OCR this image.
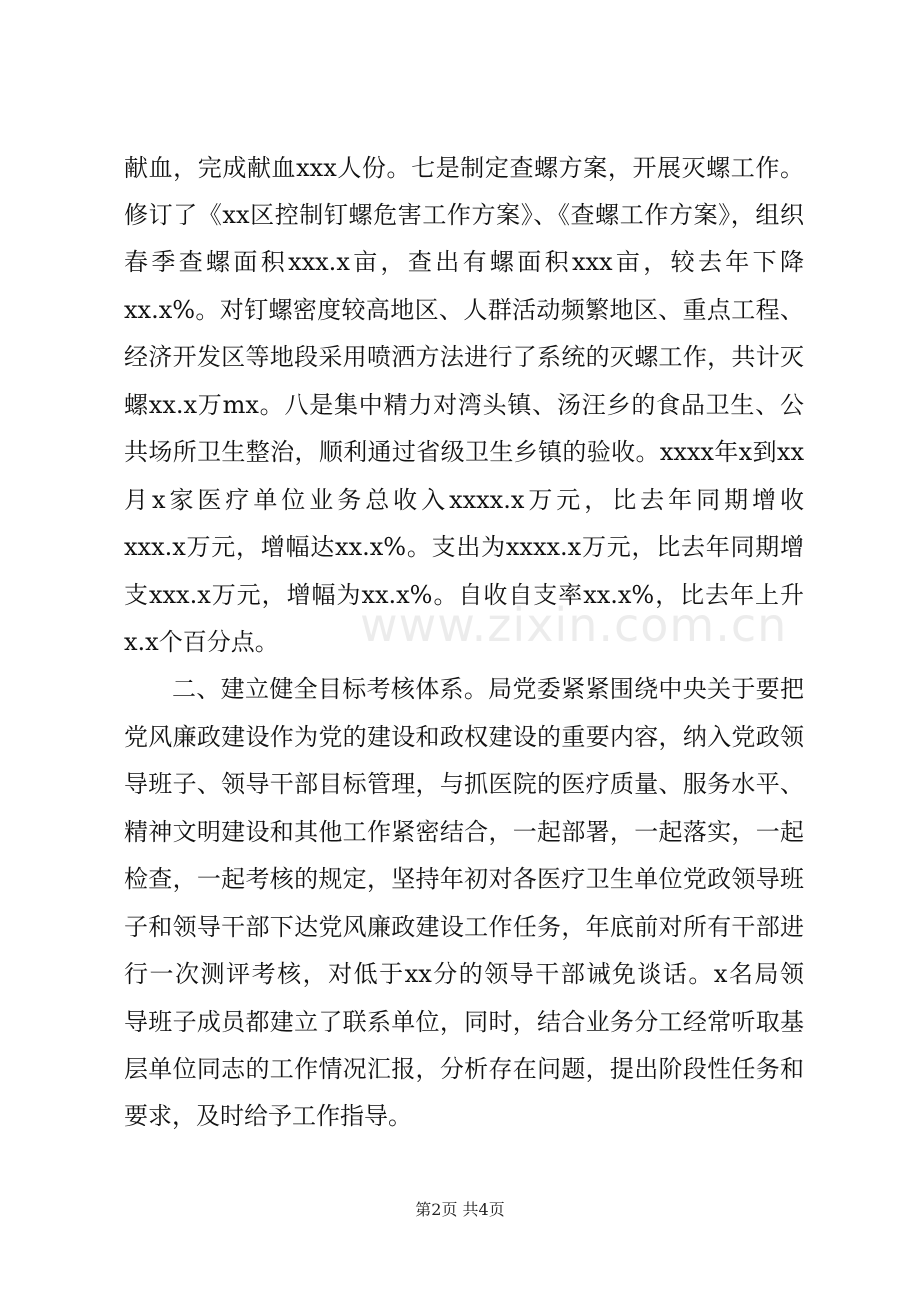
www.zixin.com.cn
献血，完成献血xxx人份。七是制定查螺方案，开展灭螺工作。
修订了《xx区控制钉螺危害工作方案》、《查螺工作方案》，组织
春季查螺面积xxx.x亩，查出有螺面积xxx亩，较去年下降
xx.x%。对钉螺密度较高地区、人群活动频繁地区、重点工程、
经济开发区等地段采用喷洒方法进行了系统的灭螺工作，共计灭
螺xx.x万mx。八是集中精力对湾头镇、汤汪乡的食品卫生、公
共场所卫生整治，顺利通过省级卫生乡镇的验收。xxxx年x到xx
月x家医疗单位业务总收入xxxx.x万元，比去年同期增收
xxx.x万元，增幅达xx.x%。支出为xxxx.x万元，比去年同期增
支xxx.x万元，增幅为xx.x%。自收自支率xx.x%，比去年上升
x.x个百分点。
二、建立健全目标考核体系。局党委紧紧围绕中央关于要把
党风廉政建设作为党的建设和政权建设的重要内容，纳入党政领
导班子、领导干部目标管理，与抓医院的医疗质量、服务水平、
精神文明建设和其他工作紧密结合，一起部署，一起落实，一起
检查，一起考核的规定，坚持年初对各医疗卫生单位党政领导班
子和领导干部下达党风廉政建设工作任务，年底前对所有干部进
行一次测评考核，对低于xx分的领导干部诫免谈话。x名局领
导班子成员都建立了联系单位，同时，结合业务分工经常听取基
层单位同志的工作情况汇报，分析存在问题，提出阶段性任务和
要求，及时给予工作指导。
第2页 共4页
